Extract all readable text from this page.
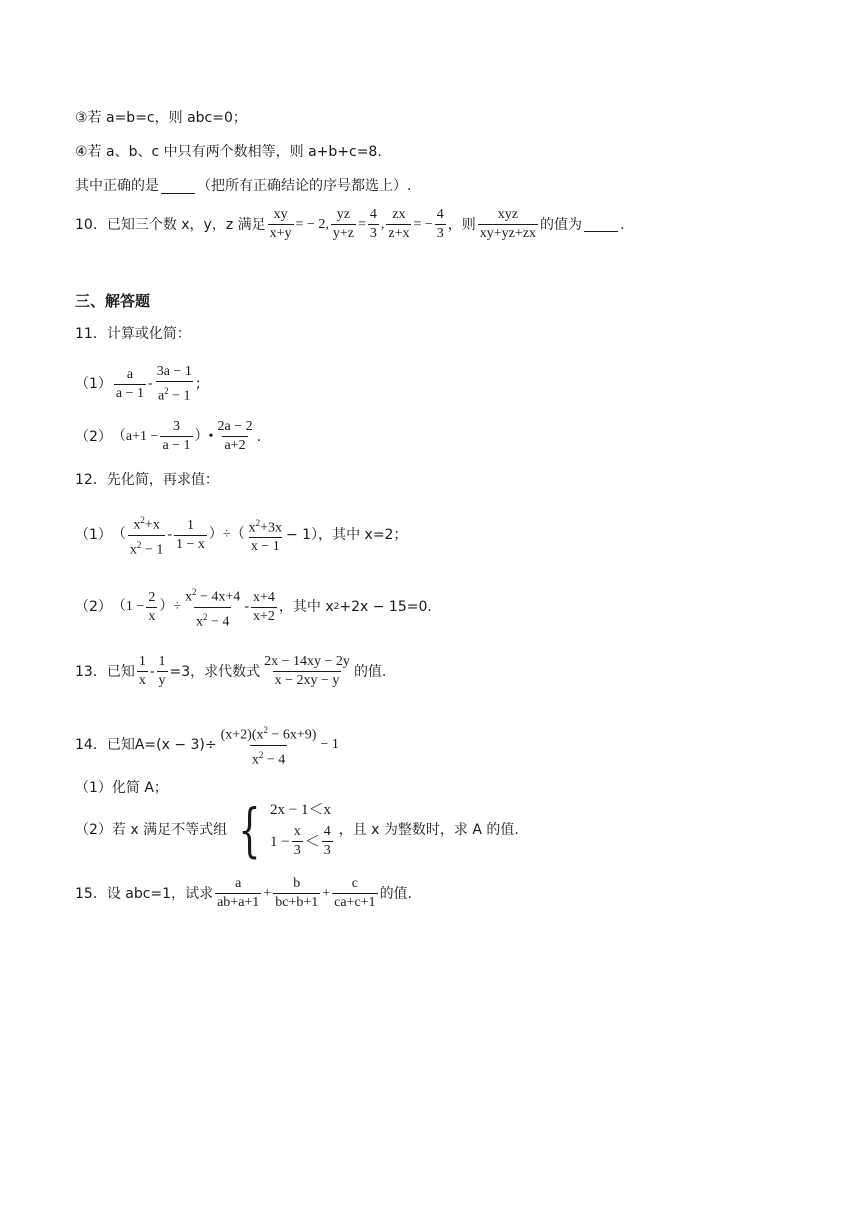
③若 a=b=c，则 abc=0；
④若 a、b、c 中只有两个数相等，则 a+b+c=8.
其中正确的是	（把所有正确结论的序号都选上）.
10．已知三个数 x，y，z 满足 $\frac{xy}{x+y}$ = − 2, $\frac{yz}{y+z} = \frac{4}{3}$ , $\frac{zx}{z+x}$ = − $\frac{4}{3}$ ，则 $\frac{\text{xyz}}{xy+yz+zx}$ 的值为	.
三、解答题
11．计算或化简：
$(1) \frac{a}{a - 1} - \frac{3a - 1}{a^2 - 1}$ ;
（2） （$a+1 - \frac{3}{a - 1}$ ）• $\frac{2a - 2}{a+2}$ .
12．先化简，再求值：
（1） （ $\frac{x^2+x}{x^2 - 1} - \frac{1}{1 - x}$ ）÷（ $\frac{x^2+3x}{x - 1} - 1$），其中 x=2；
（2） （$1 - \frac{2}{x}$ ）÷ $\frac{x^2 - 4x+4}{x^2 - 4} - \frac{x+4}{x+2}$ ，其中 x 2 +2x − 15=0.
13．已知 $\frac{1}{x} - \frac{1}{y} =3$，求代数式 $\frac{2x - 14xy - 2y}{x - 2xy - y}$ 的值.
14．已知$A=(x - 3)\div \frac{(x+2)(x^2 - 6x+9)}{x^2 - 4} - 1$
（1）化简 A；
（2）若 x 满足不等式组 { 2x − 1＜x
$1 - \frac{x}{3} < \frac{4}{3}$ ，且 x 为整数时，求 A 的值.
15．设 abc=1，试求 $\frac{a}{ab+a+1} + \frac{b}{bc+b+1} + \frac{c}{ca+c+1}$ 的值.
